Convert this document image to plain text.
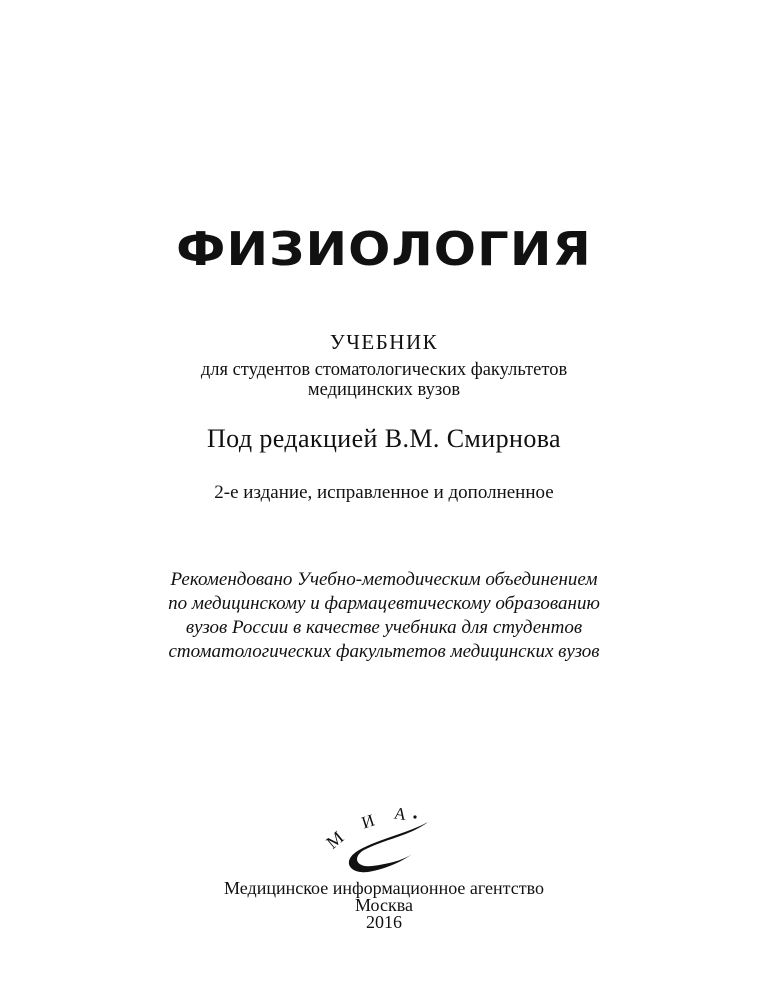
ФИЗИОЛОГИЯ
УЧЕБНИК
для студентов стоматологических факультетов
медицинских вузов
Под редакцией В.М. Смирнова
2-е издание, исправленное и дополненное
Рекомендовано Учебно-методическим объединением
по медицинскому и фармацевтическому образованию
вузов России в качестве учебника для студентов
стоматологических факультетов медицинских вузов
М
И А
Медицинское информационное агентство
Москва
2016
